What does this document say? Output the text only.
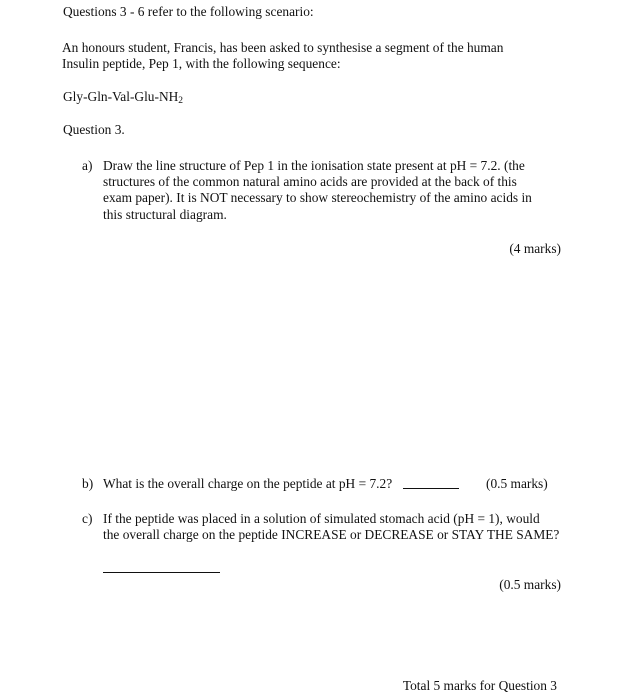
Questions 3 - 6 refer to the following scenario:
An honours student, Francis, has been asked to synthesise a segment of the human
Insulin peptide, Pep 1, with the following sequence:
Gly-$Gln-Val-Glu-NH_2$
Question 3.
a) Draw the line structure of Pep 1 in the ionisation state present at pH = 7.2. (the
structures of the common natural amino acids are provided at the back of this
exam paper). It is NOT necessary to show stereochemistry of the amino acids in
this structural diagram.
(4 marks)
b) What is the overall charge on the peptide at pH = 7.2?	(0.5 marks)
c) If the peptide was placed in a solution of simulated stomach acid (pH = 1), would
the overall charge on the peptide INCREASE or DECREASE or STAY THE SAME?
(0.5 marks)
Total 5 marks for Question 3
